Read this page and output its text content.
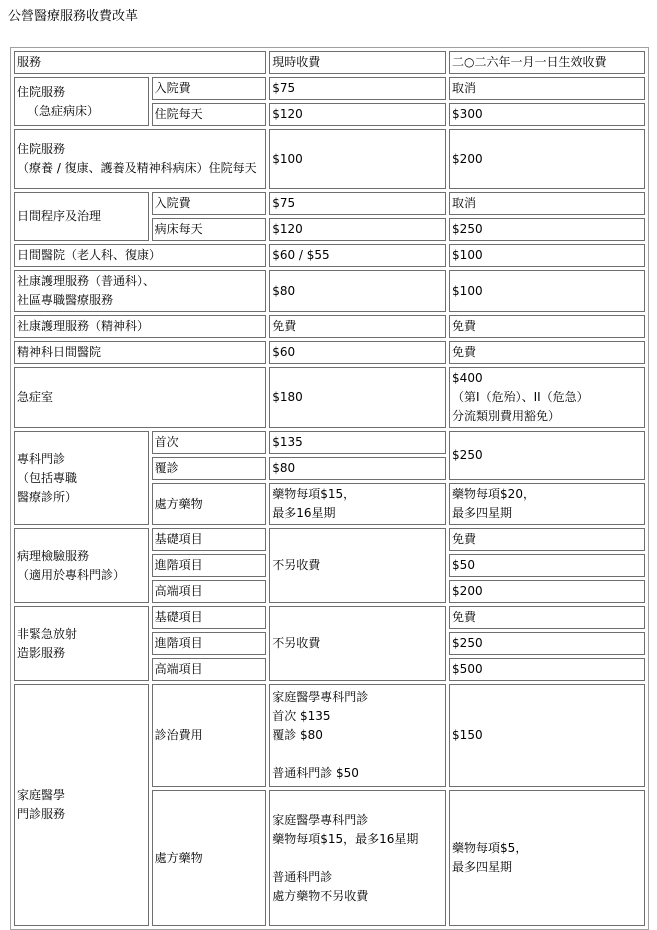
公營醫療服務收費改革
服務		現時收費	二○二六年一月一日生效收費

住院服務
（急症病床）	入院費	$75	取消
	住院每天	$120	$300
住院服務
（療養 / 復康、護養及精神科病床）住院每天		$100	$200
日間程序及治理	入院費	$75	取消
	病床每天	$120	$250
日間醫院（老人科、復康）		$60 / $55	$100
社康護理服務（普通科）、
社區專職醫療服務		$80	$100
社康護理服務（精神科）		免費	免費
精神科日間醫院		$60	免費
急症室		$180	$400
（第I（危殆）、II（危急）
分流類別費用豁免）
專科門診
（包括專職
醫療診所）	首次	$135	$250
	覆診	$80	
	處方藥物	藥物每項$15，
最多16星期	藥物每項$20，
最多四星期
病理檢驗服務
（適用於專科門診）	基礎項目	不另收費	免費
	進階項目		$50
	高端項目		$200
非緊急放射
造影服務	基礎項目	不另收費	免費
	進階項目		$250
	高端項目		$500
家庭醫學
門診服務	診治費用	家庭醫學專科門診
首次 $135
覆診 $80

普通科門診 $50	$150
	處方藥物	家庭醫學專科門診
藥物每項$15，最多16星期

普通科門診
處方藥物不另收費	藥物每項$5，
最多四星期
